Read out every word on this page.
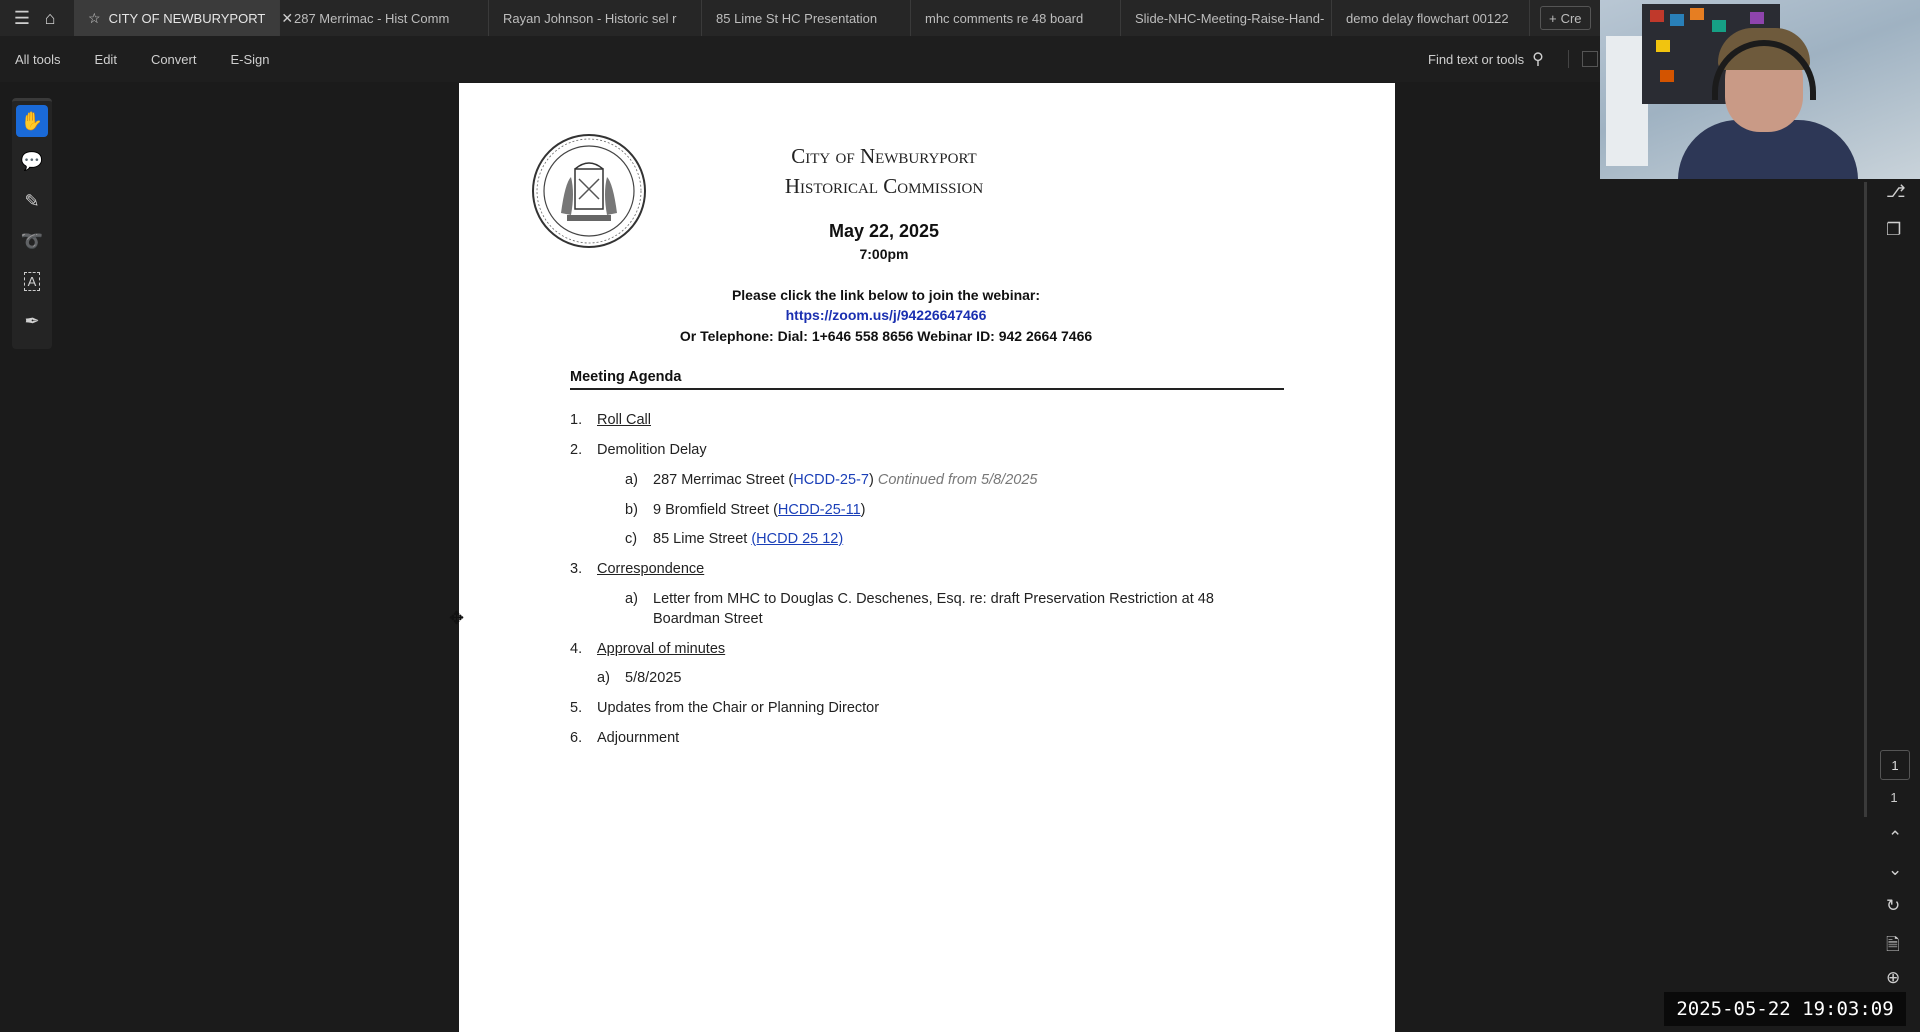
☰ ⌂	☆ CITY OF NEWBURYPORT ✕ 287 Merrimac - Hist Comm	Rayan Johnson - Historic sel r	85 Lime St HC Presentation	mhc comments re 48 board	Slide-NHC-Meeting-Raise-Hand- demo delay flowchart 00122	+ Cre
All tools	Edit	Convert	E-Sign	Find text or tools ⚲
✋
💬
✎
➰
A
✒
City of Newburyport
Historical Commission
May 22, 2025
7:00pm
Please click the link below to join the webinar:
https://zoom.us/j/94226647466
Or Telephone: Dial: 1+646 558 8656 Webinar ID: 942 2664 7466
Meeting Agenda
1. Roll Call
2. Demolition Delay
a) 287 Merrimac Street (HCDD-25-7) Continued from 5/8/2025
b) 9 Bromfield Street (HCDD-25-11)
c) 85 Lime Street (HCDD 25 12)
3. Correspondence
a) Letter from MHC to Douglas C. Deschenes, Esq. re: draft Preservation Restriction at 48
Boardman Street
4. Approval of minutes
a) 5/8/2025
5. Updates from the Chair or Planning Director
6. Adjournment
✥
⎇
❐
1
1
⌃
⌄
↻
🗎
⊕
2025-05-22 19:03:09
